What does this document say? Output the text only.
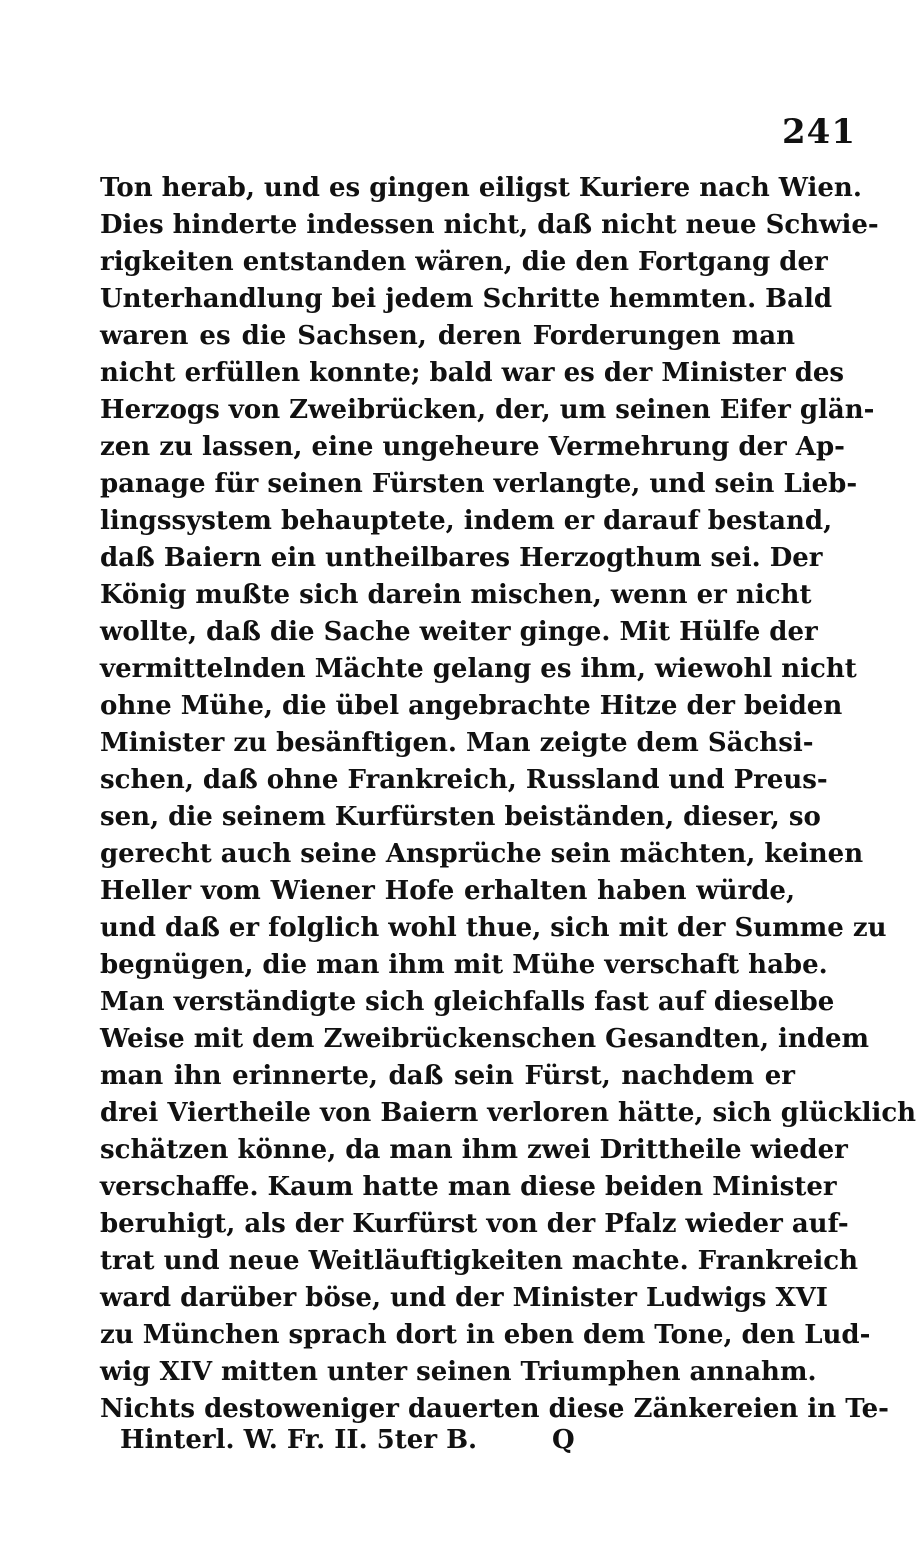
241
Ton herab, und es gingen eiligst Kuriere nach Wien.
Dies hinderte indessen nicht, daß nicht neue Schwie-
rigkeiten entstanden wären, die den Fortgang der
Unterhandlung bei jedem Schritte hemmten. Bald
waren es die Sachsen, deren Forderungen man
nicht erfüllen konnte; bald war es der Minister des
Herzogs von Zweibrücken, der, um seinen Eifer glän-
zen zu lassen, eine ungeheure Vermehrung der Ap-
panage für seinen Fürsten verlangte, und sein Lieb-
lingssystem behauptete, indem er darauf bestand,
daß Baiern ein untheilbares Herzogthum sei. Der
König mußte sich darein mischen, wenn er nicht
wollte, daß die Sache weiter ginge. Mit Hülfe der
vermittelnden Mächte gelang es ihm, wiewohl nicht
ohne Mühe, die übel angebrachte Hitze der beiden
Minister zu besänftigen. Man zeigte dem Sächsi-
schen, daß ohne Frankreich, Russland und Preus-
sen, die seinem Kurfürsten beiständen, dieser, so
gerecht auch seine Ansprüche sein mächten, keinen
Heller vom Wiener Hofe erhalten haben würde,
und daß er folglich wohl thue, sich mit der Summe zu
begnügen, die man ihm mit Mühe verschaft habe.
Man verständigte sich gleichfalls fast auf dieselbe
Weise mit dem Zweibrückenschen Gesandten, indem
man ihn erinnerte, daß sein Fürst, nachdem er
drei Viertheile von Baiern verloren hätte, sich glücklich
schätzen könne, da man ihm zwei Drittheile wieder
verschaffe. Kaum hatte man diese beiden Minister
beruhigt, als der Kurfürst von der Pfalz wieder auf-
trat und neue Weitläuftigkeiten machte. Frankreich
ward darüber böse, und der Minister Ludwigs XVI
zu München sprach dort in eben dem Tone, den Lud-
wig XIV mitten unter seinen Triumphen annahm.
Nichts destoweniger dauerten diese Zänkereien in Te-
Hinterl. W. Fr. II. 5ter B.	Q
